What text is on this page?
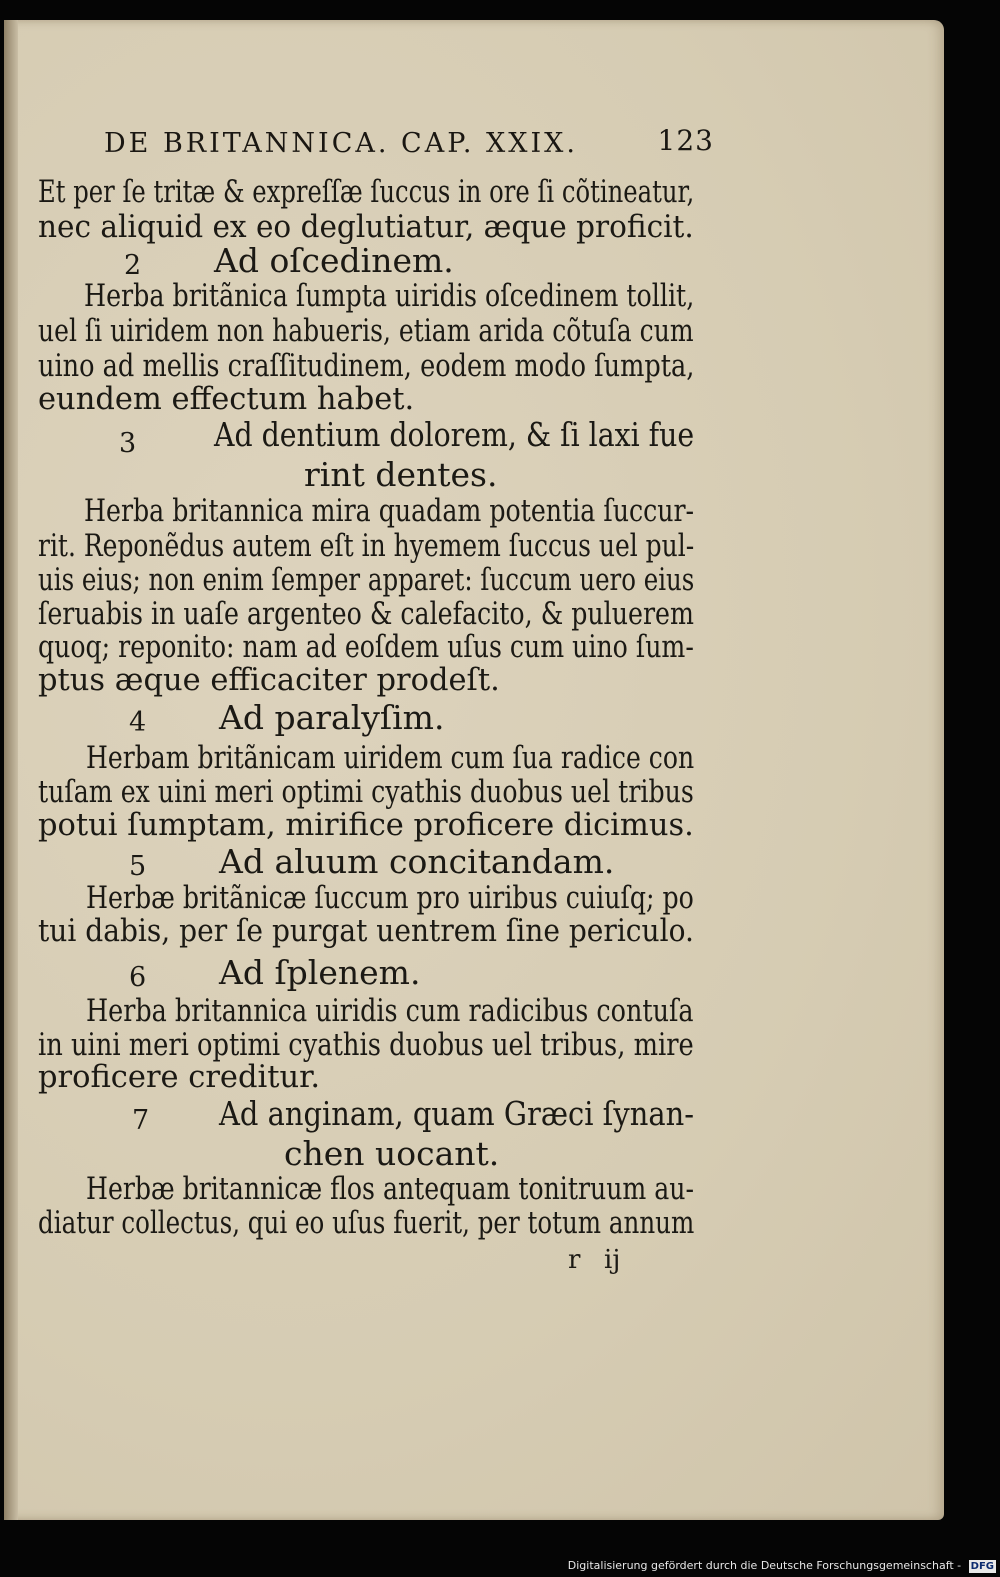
DE BRITANNICA. CAP. XXIX.	123
Et per ſe tritæ & expreſſæ ſuccus in ore ſi cõtineatur,
nec aliquid ex eo deglutiatur, æque proficit.
2 Ad oſcedinem.
Herba britãnica ſumpta uiridis oſcedinem tollit,
uel ſi uiridem non habueris, etiam arida cõtuſa cum
uino ad mellis craſſitudinem, eodem modo ſumpta,
eundem effectum habet.
3 Ad dentium dolorem, & ſi laxi fue
rint dentes.
Herba britannica mira quadam potentia ſuccur-
rit. Reponẽdus autem eſt in hyemem ſuccus uel pul-
uis eius; non enim ſemper apparet: ſuccum uero eius
ſeruabis in uaſe argenteo & calefacito, & puluerem
quoq; reponito: nam ad eoſdem uſus cum uino ſum-
ptus æque efficaciter prodeſt.
4 Ad paralyſim.
Herbam britãnicam uiridem cum ſua radice con
tuſam ex uini meri optimi cyathis duobus uel tribus
potui ſumptam, mirifice proficere dicimus.
5 Ad aluum concitandam.
Herbæ britãnicæ ſuccum pro uiribus cuiuſq; po
tui dabis, per ſe purgat uentrem ſine periculo.
6 Ad ſplenem.
Herba britannica uiridis cum radicibus contuſa
in uini meri optimi cyathis duobus uel tribus, mire
proficere creditur.
7 Ad anginam, quam Græci ſynan-
chen uocant.
Herbæ britannicæ flos antequam tonitruum au-
diatur collectus, qui eo uſus fuerit, per totum annum
r ij
Digitalisierung gefördert durch die Deutsche Forschungsgemeinschaft - DFG
